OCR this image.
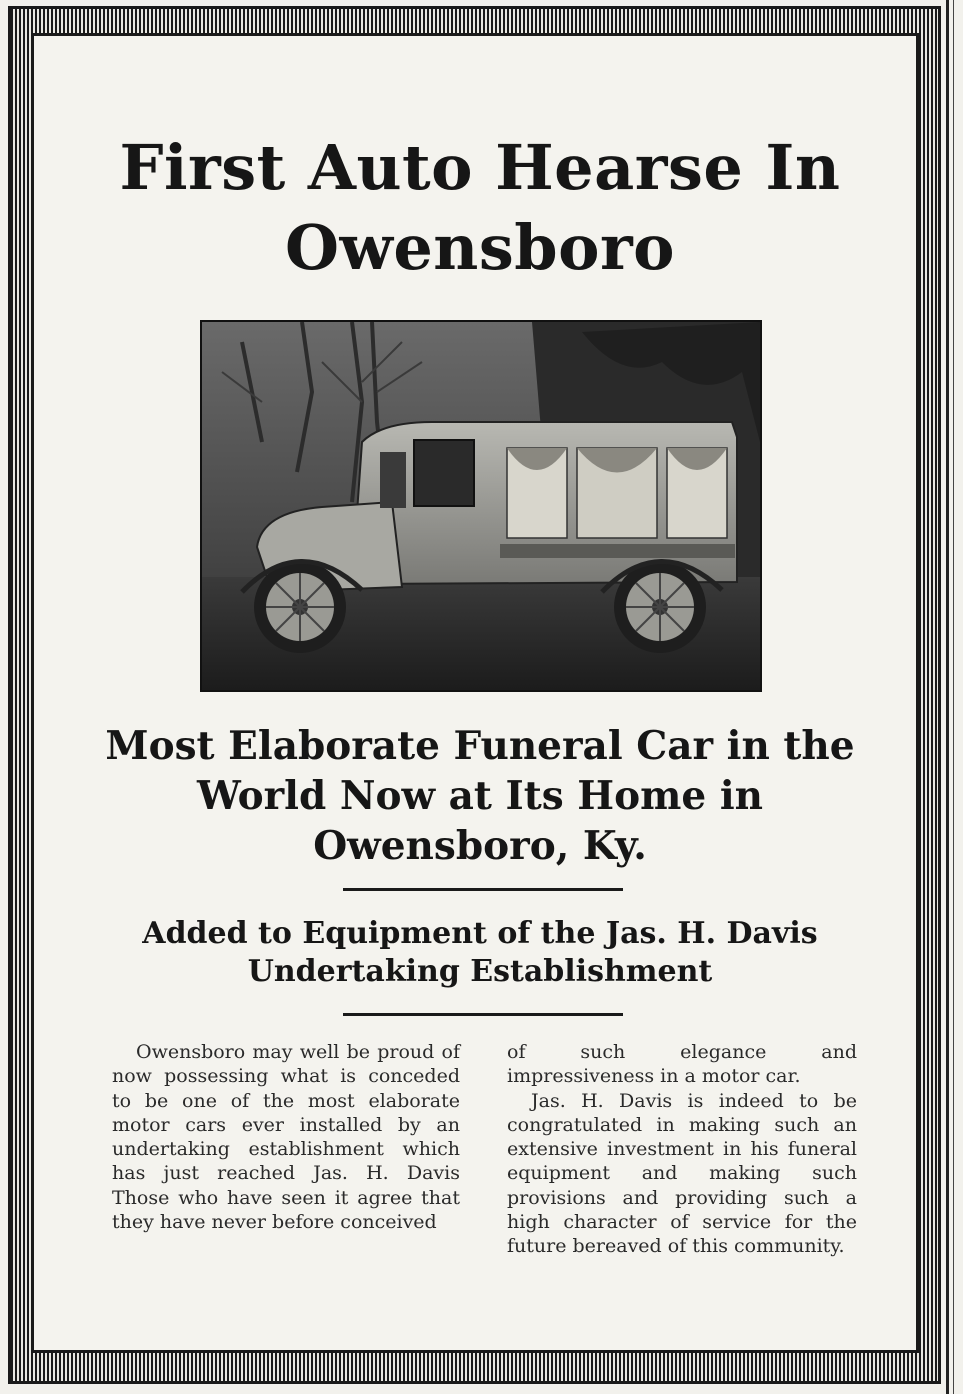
First Auto Hearse In
Owensboro
Most Elaborate Funeral Car in the
World Now at Its Home in
Owensboro, Ky.
Added to Equipment of the Jas. H. Davis
Undertaking Establishment

Owensboro may well be proud of now possessing what is conceded to be one of the most elaborate motor cars ever installed by an undertaking establishment which has just reached Jas. H. Davis Those who have seen it agree that they have never before conceived

of such elegance and impressiveness in a motor car.

Jas. H. Davis is indeed to be congratulated in making such an extensive investment in his funeral equipment and making such provisions and providing such a high character of service for the future bereaved of this community.
